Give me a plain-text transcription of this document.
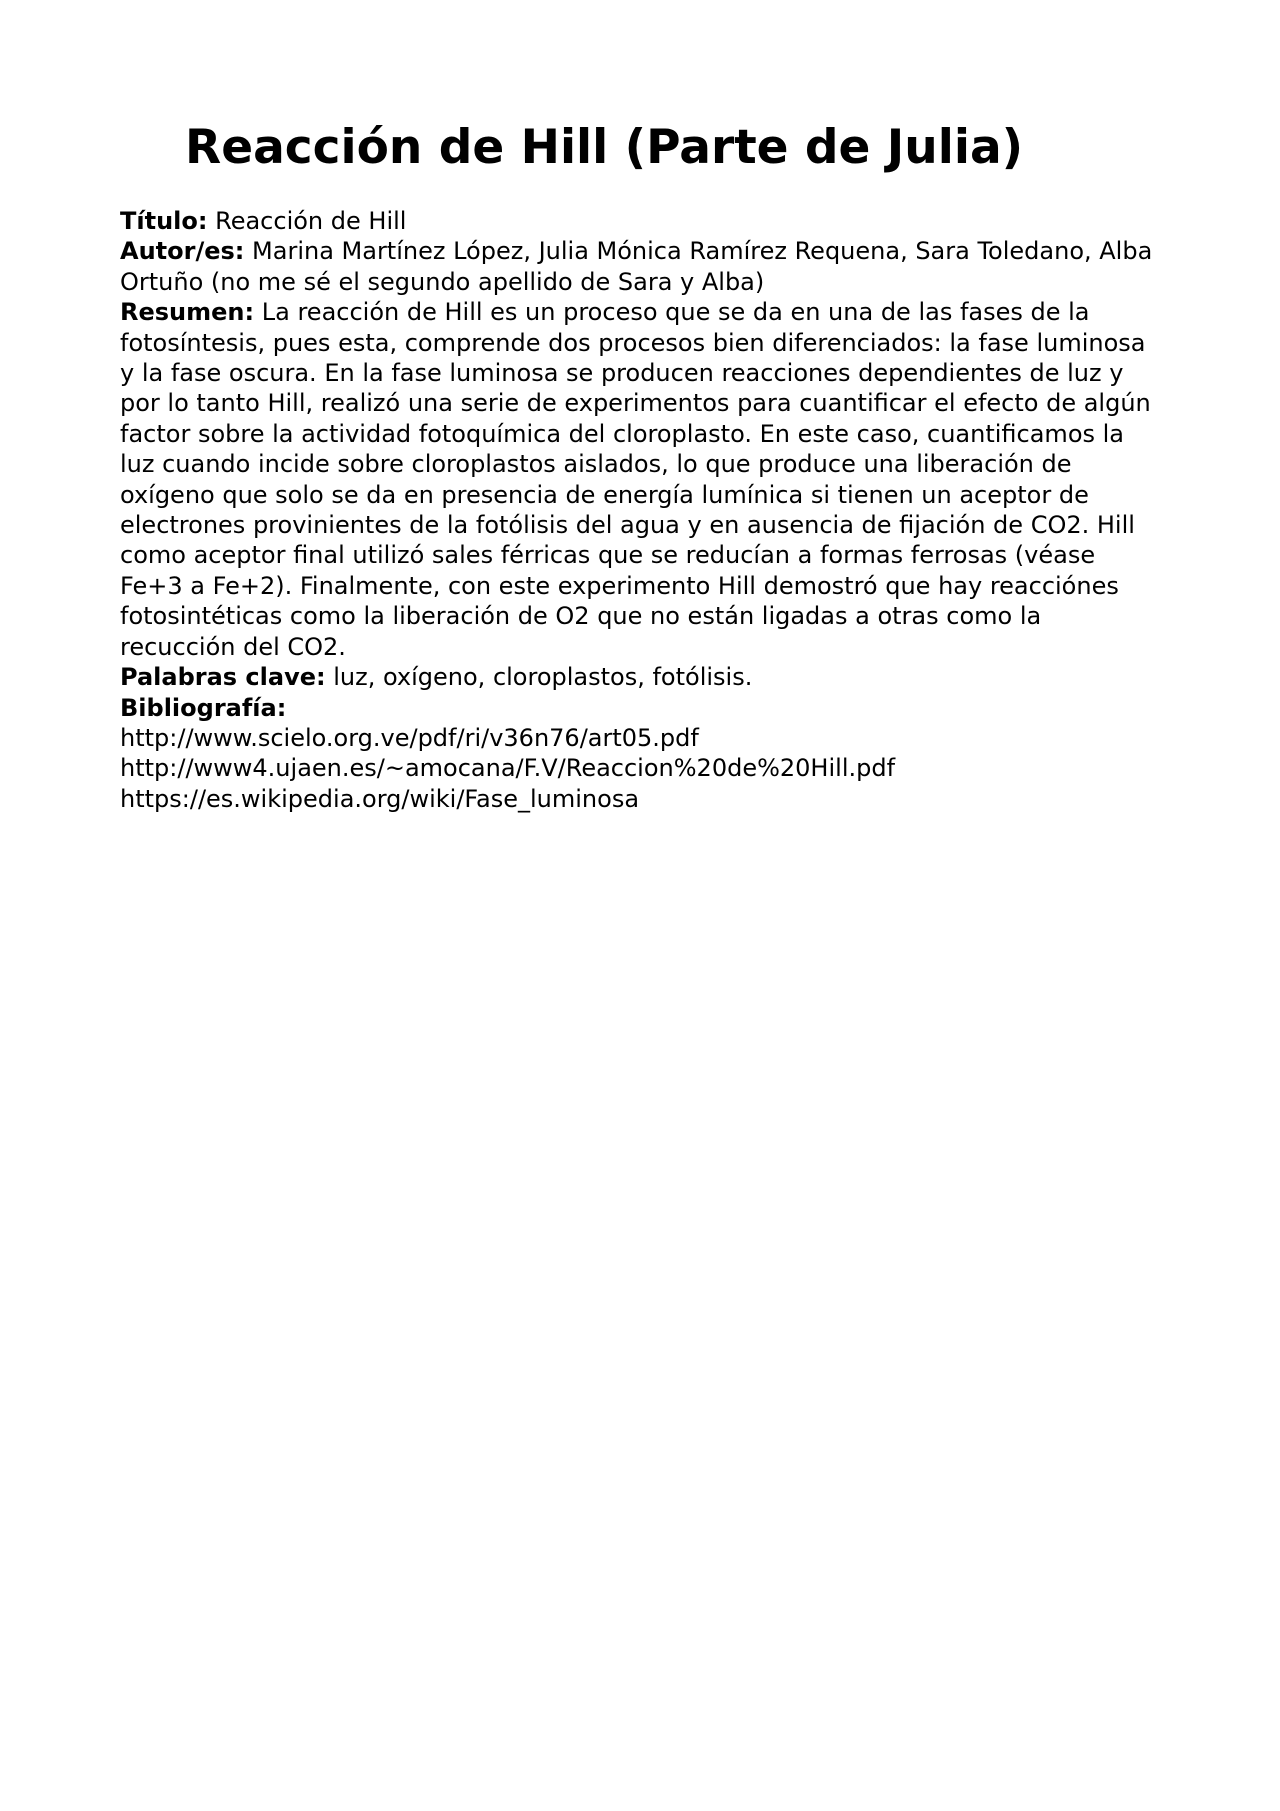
Reacción de Hill (Parte de Julia)

Título: Reacción de Hill

Autor/es: Marina Martínez López, Julia Mónica Ramírez Requena, Sara Toledano, Alba Ortuño (no me sé el segundo apellido de Sara y Alba)

Resumen: La reacción de Hill es un proceso que se da en una de las fases de la fotosíntesis, pues esta, comprende dos procesos bien diferenciados: la fase luminosa y la fase oscura. En la fase luminosa se producen reacciones dependientes de luz y por lo tanto Hill, realizó una serie de experimentos para cuantificar el efecto de algún factor sobre la actividad fotoquímica del cloroplasto. En este caso, cuantificamos la luz cuando incide sobre cloroplastos aislados, lo que produce una liberación de oxígeno que solo se da en presencia de energía lumínica si tienen un aceptor de electrones provinientes de la fotólisis del agua y en ausencia de fijación de CO2. Hill como aceptor final utilizó sales férricas que se reducían a formas ferrosas (véase Fe+3 a Fe+2). Finalmente, con este experimento Hill demostró que hay reacciónes fotosintéticas como la liberación de O2 que no están ligadas a otras como la recucción del CO2.

Palabras clave: luz, oxígeno, cloroplastos, fotólisis.

Bibliografía:

http://www.scielo.org.ve/pdf/ri/v36n76/art05.pdf
http://www4.ujaen.es/~amocana/F.V/Reaccion%20de%20Hill.pdf
https://es.wikipedia.org/wiki/Fase_luminosa
